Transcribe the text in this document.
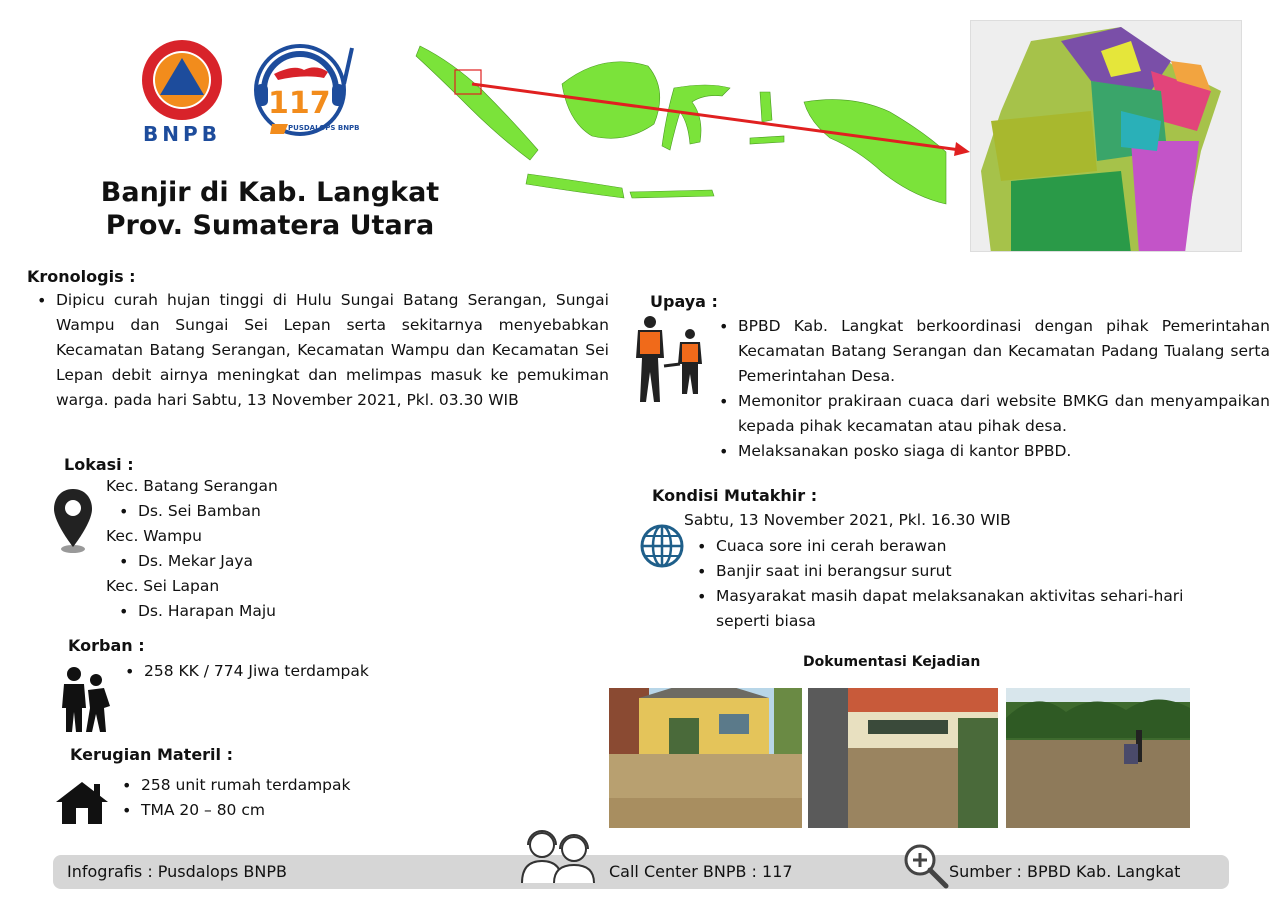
BNPB
117
PUSDALOPS BNPB
Banjir di Kab. Langkat
Prov. Sumatera Utara
Kronologis :
• Dipicu curah hujan tinggi di Hulu Sungai Batang Serangan, Sungai Wampu dan Sungai Sei Lepan serta sekitarnya menyebabkan Kecamatan Batang Serangan, Kecamatan Wampu dan Kecamatan Sei Lepan debit airnya meningkat dan melimpas masuk ke pemukiman warga. pada hari Sabtu, 13 November 2021, Pkl. 03.30 WIB
Lokasi :
Kec. Batang Serangan
• Ds. Sei Bamban
Kec. Wampu
• Ds. Mekar Jaya
Kec. Sei Lapan
• Ds. Harapan Maju
Korban :
• 258 KK / 774 Jiwa terdampak
Kerugian Materil :
• 258 unit rumah terdampak
• TMA 20 – 80 cm
Upaya :
• BPBD Kab. Langkat berkoordinasi dengan pihak Pemerintahan Kecamatan Batang Serangan dan Kecamatan Padang Tualang serta Pemerintahan Desa.
• Memonitor prakiraan cuaca dari website BMKG dan menyampaikan kepada pihak kecamatan atau pihak desa.
• Melaksanakan posko siaga di kantor BPBD.
Kondisi Mutakhir :
Sabtu, 13 November 2021, Pkl. 16.30 WIB
• Cuaca sore ini cerah berawan
• Banjir saat ini berangsur surut
• Masyarakat masih dapat melaksanakan aktivitas sehari-hari seperti biasa
Dokumentasi Kejadian
Infografis : Pusdalops BNPB	Call Center BNPB : 117	Sumber : BPBD Kab. Langkat
